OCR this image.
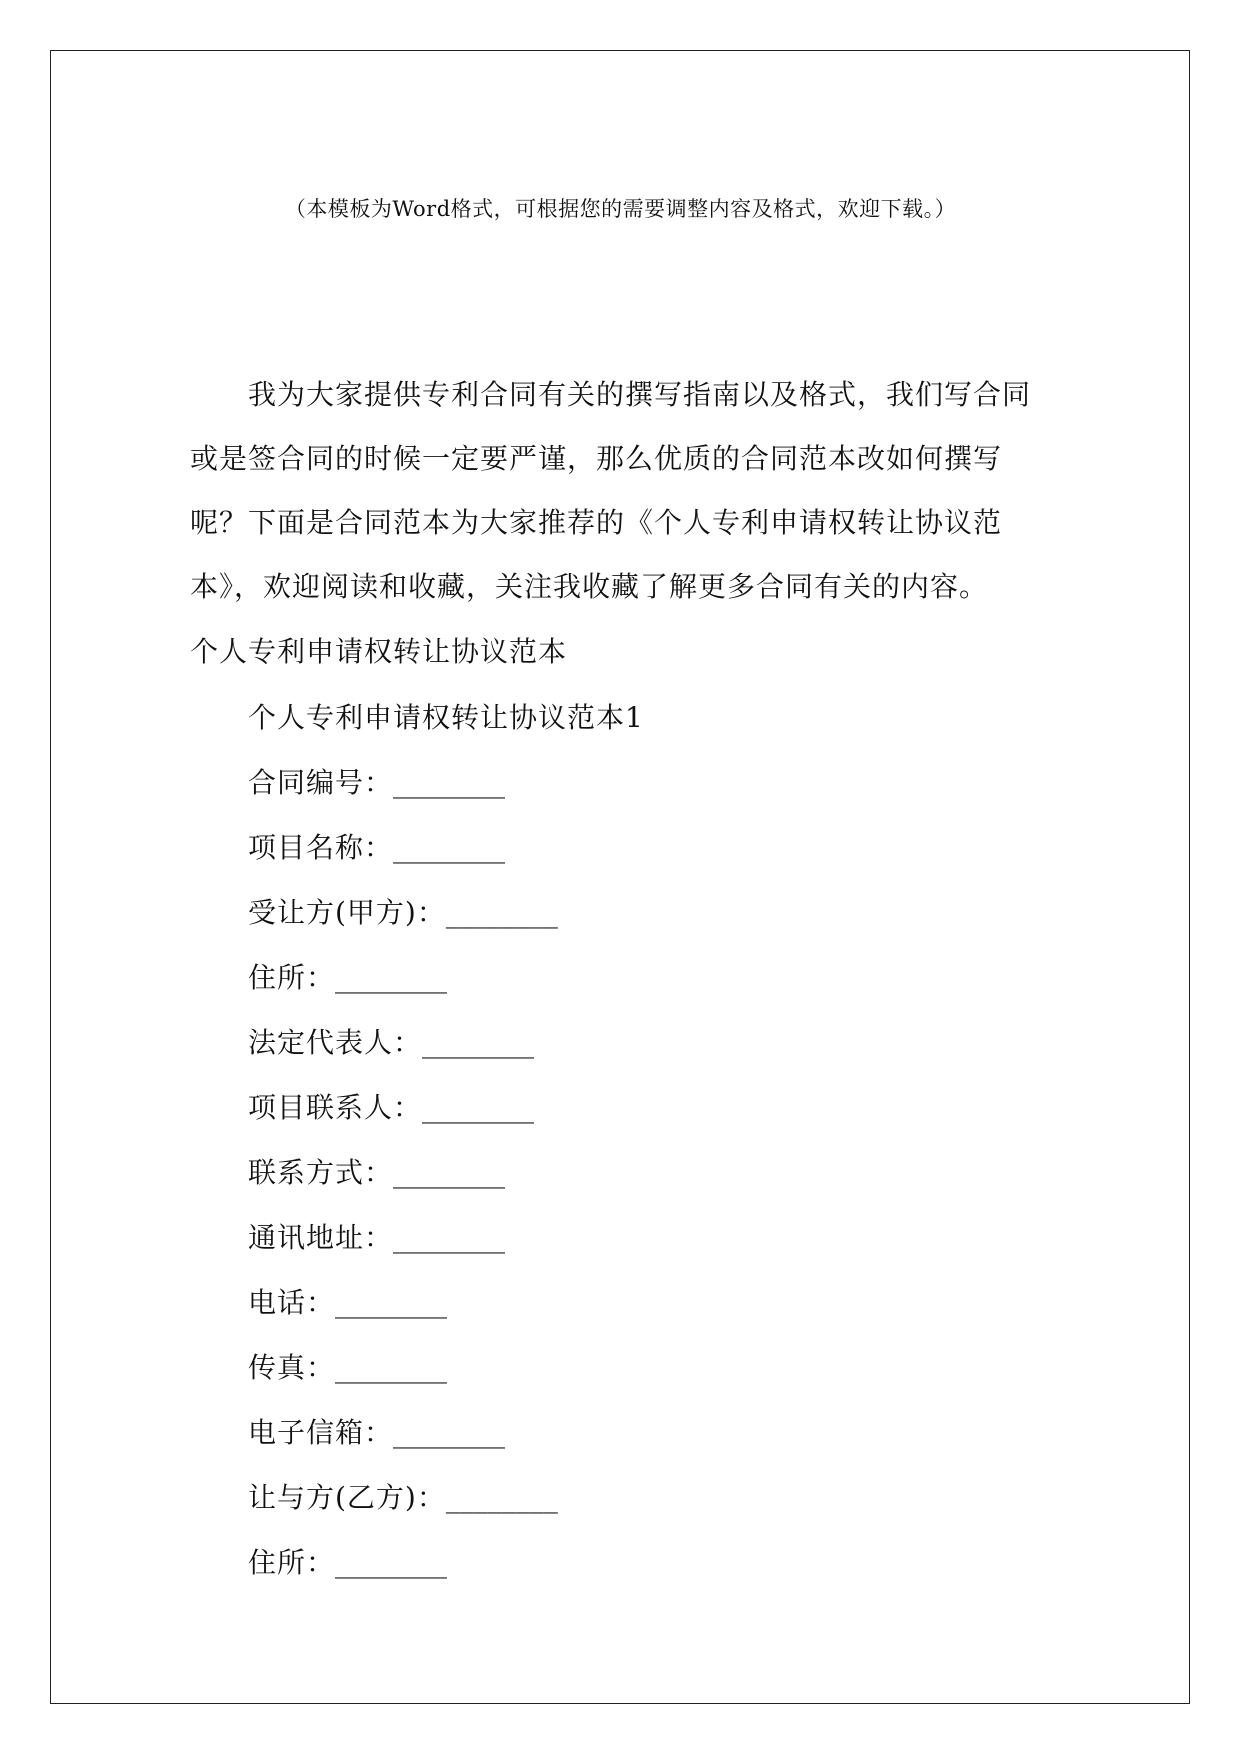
（本模板为Word格式，可根据您的需要调整内容及格式，欢迎下载。）

我为大家提供专利合同有关的撰写指南以及格式，我们写合同或是签合同的时候一定要严谨，那么优质的合同范本改如何撰写呢？下面是合同范本为大家推荐的《个人专利申请权转让协议范本》，欢迎阅读和收藏，关注我收藏了解更多合同有关的内容。

个人专利申请权转让协议范本

个人专利申请权转让协议范本1
合同编号：________
项目名称：________
受让方(甲方)：________
住所：________
法定代表人：________
项目联系人：________
联系方式：________
通讯地址：________
电话：________
传真：________
电子信箱：________
让与方(乙方)：________
住所：________
